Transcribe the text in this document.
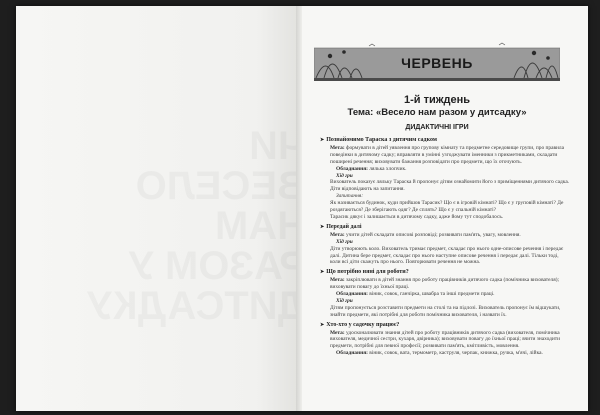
ЧЕРВЕНЬ
1-й тиждень
Тема: «Весело нам разом у дитсадку»
ДИДАКТИЧНІ ІГРИ

➤ Познайомимо Тараска з дитячим садком

Мета: формувати в дітей уявлення про групову кімнату та предметне середовище групи, про правила поведінки в дитячому садку; вправляти в умінні узгоджувати іменники з прикметниками, складати поширені речення; виховувати бажання розповідати про предмети, що їх оточують.

Обладнання: лялька хлопчик.

Хід гри

Вихователь показує ляльку Тараска й пропонує дітям ознайомити його з приміщеннями дитячого садка. Діти відповідають на запитання.

Запитання:

Як називається будинок, куди прийшов Тарасик? Що є в ігровій кімнаті? Що є у груповій кімнаті? Де роздягаються? Де зберігають одяг? Де сплять? Що є у спальній кімнаті?

Тарасик дякує і залишається в дитячому садку, адже йому тут сподобалось.

➤ Передай далі

Мета: учити дітей складати описові розповіді; розвивати пам'ять, увагу, мовлення.

Хід гри

Діти утворюють коло. Вихователь тримає предмет, складає про нього одне-описове речення і передає далі. Дитина бере предмет, складає про нього наступне описове речення і передає далі. Тільки тоді, коли всі діти скажуть про нього. Повторювати речення не можна.

➤ Що потрібно няні для роботи?

Мета: закріплювати в дітей знання про роботу працівників дитячого садка (помічника вихователя); виховувати повагу до їхньої праці.

Обладнання: віник, совок, ганчірка, швабра та інші предмети праці.

Хід гри

Дітям пропонується розставити предмети на столі та на підлозі. Вихователь пропонує їм відшукати, знайти предмети, які потрібні для роботи помічника вихователя, і назвати їх.

➤ Хто-хто у садочку працює?

Мета: удосконалювати знання дітей про роботу працівників дитячого садка (вихователя, помічника вихователя, медичної сестри, кухаря, двірника); виховувати повагу до їхньої праці; вчити знаходити предмети, потрібні для певної професії; розвивати пам'ять, кмітливість, мовлення.

Обладнання: віник, совок, вата, термометр, каструля, черпак, книжка, ручка, м'ячі, лійка.
